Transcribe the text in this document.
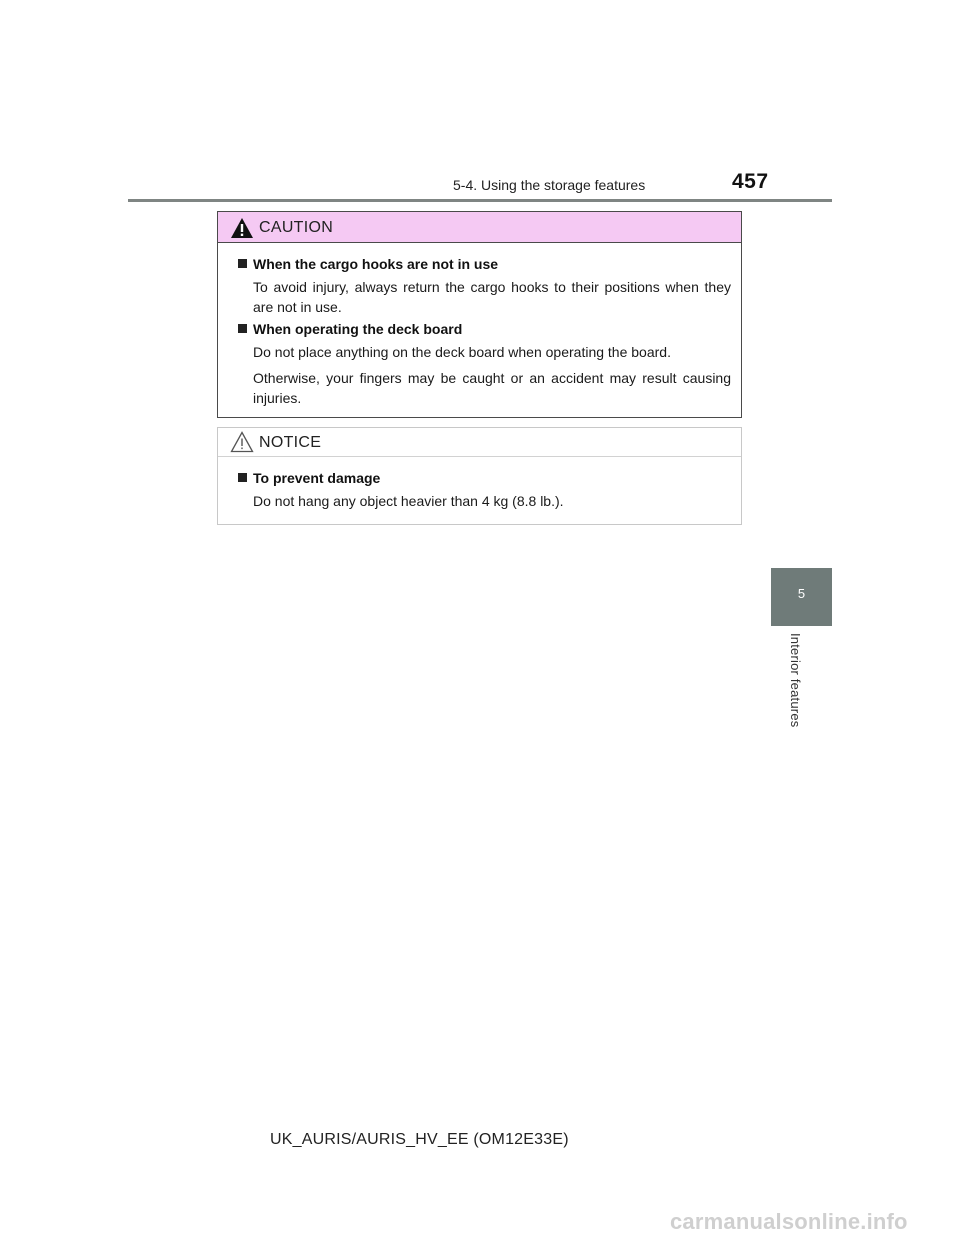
5-4. Using the storage features	457
5
Interior features
CAUTION
When the cargo hooks are not in use

To avoid injury, always return the cargo hooks to their positions when they are not in use.

When operating the deck board

Do not place anything on the deck board when operating the board.

Otherwise, your fingers may be caught or an accident may result causing injuries.

NOTICE
To prevent damage

Do not hang any object heavier than 4 kg (8.8 lb.).

UK_AURIS/AURIS_HV_EE (OM12E33E)
carmanualsonline.info
